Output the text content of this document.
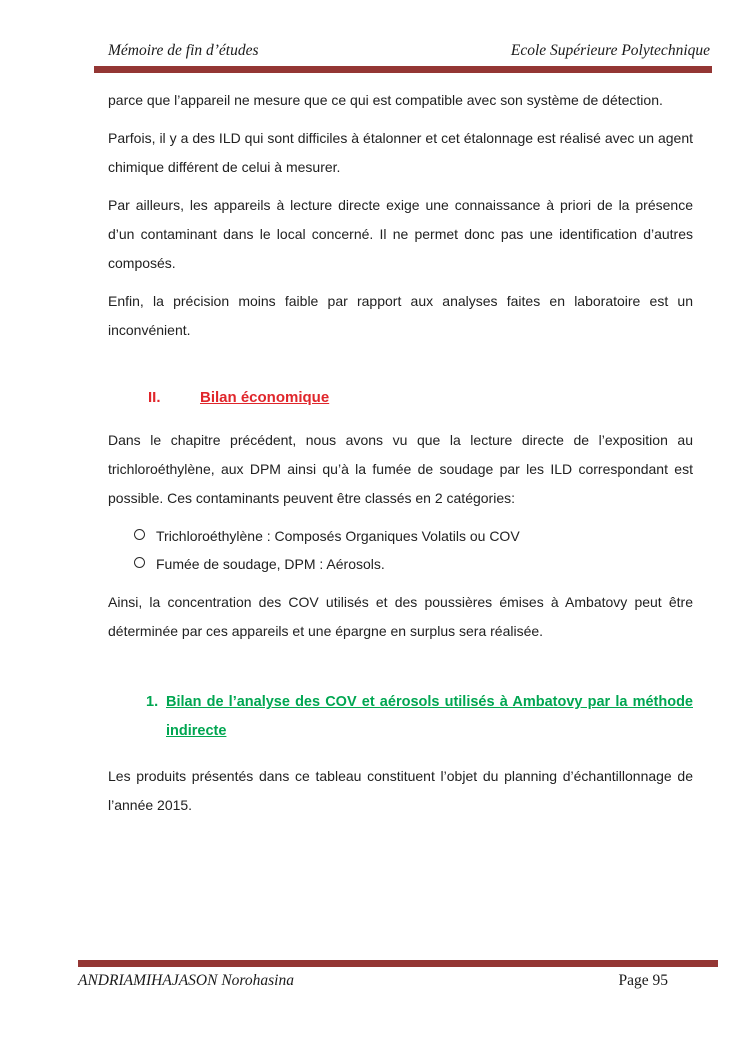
Mémoire de fin d’études	Ecole Supérieure Polytechnique

parce que l’appareil ne mesure que ce qui est compatible avec son système de détection.

Parfois, il y a des ILD qui sont difficiles à étalonner et cet étalonnage est réalisé avec un agent chimique différent de celui à mesurer.

Par ailleurs, les appareils à lecture directe exige une connaissance à priori de la présence d’un contaminant dans le local concerné. Il ne permet donc pas une identification d’autres composés.

Enfin, la précision moins faible par rapport aux analyses faites en laboratoire est un inconvénient.

II.	Bilan économique

Dans le chapitre précédent, nous avons vu que la lecture directe de l’exposition au trichloroéthylène, aux DPM ainsi qu’à la fumée de soudage par les ILD correspondant est possible. Ces contaminants peuvent être classés en 2 catégories:

Trichloroéthylène : Composés Organiques Volatils ou COV
Fumée de soudage, DPM : Aérosols.

Ainsi, la concentration des COV utilisés et des poussières émises à Ambatovy peut être déterminée par ces appareils et une épargne en surplus sera réalisée.

1. Bilan de l’analyse des COV et aérosols utilisés à Ambatovy par la méthode indirecte

Les produits présentés dans ce tableau constituent l’objet du planning d’échantillonnage de l’année 2015.

ANDRIAMIHAJASON Norohasina	Page 95
